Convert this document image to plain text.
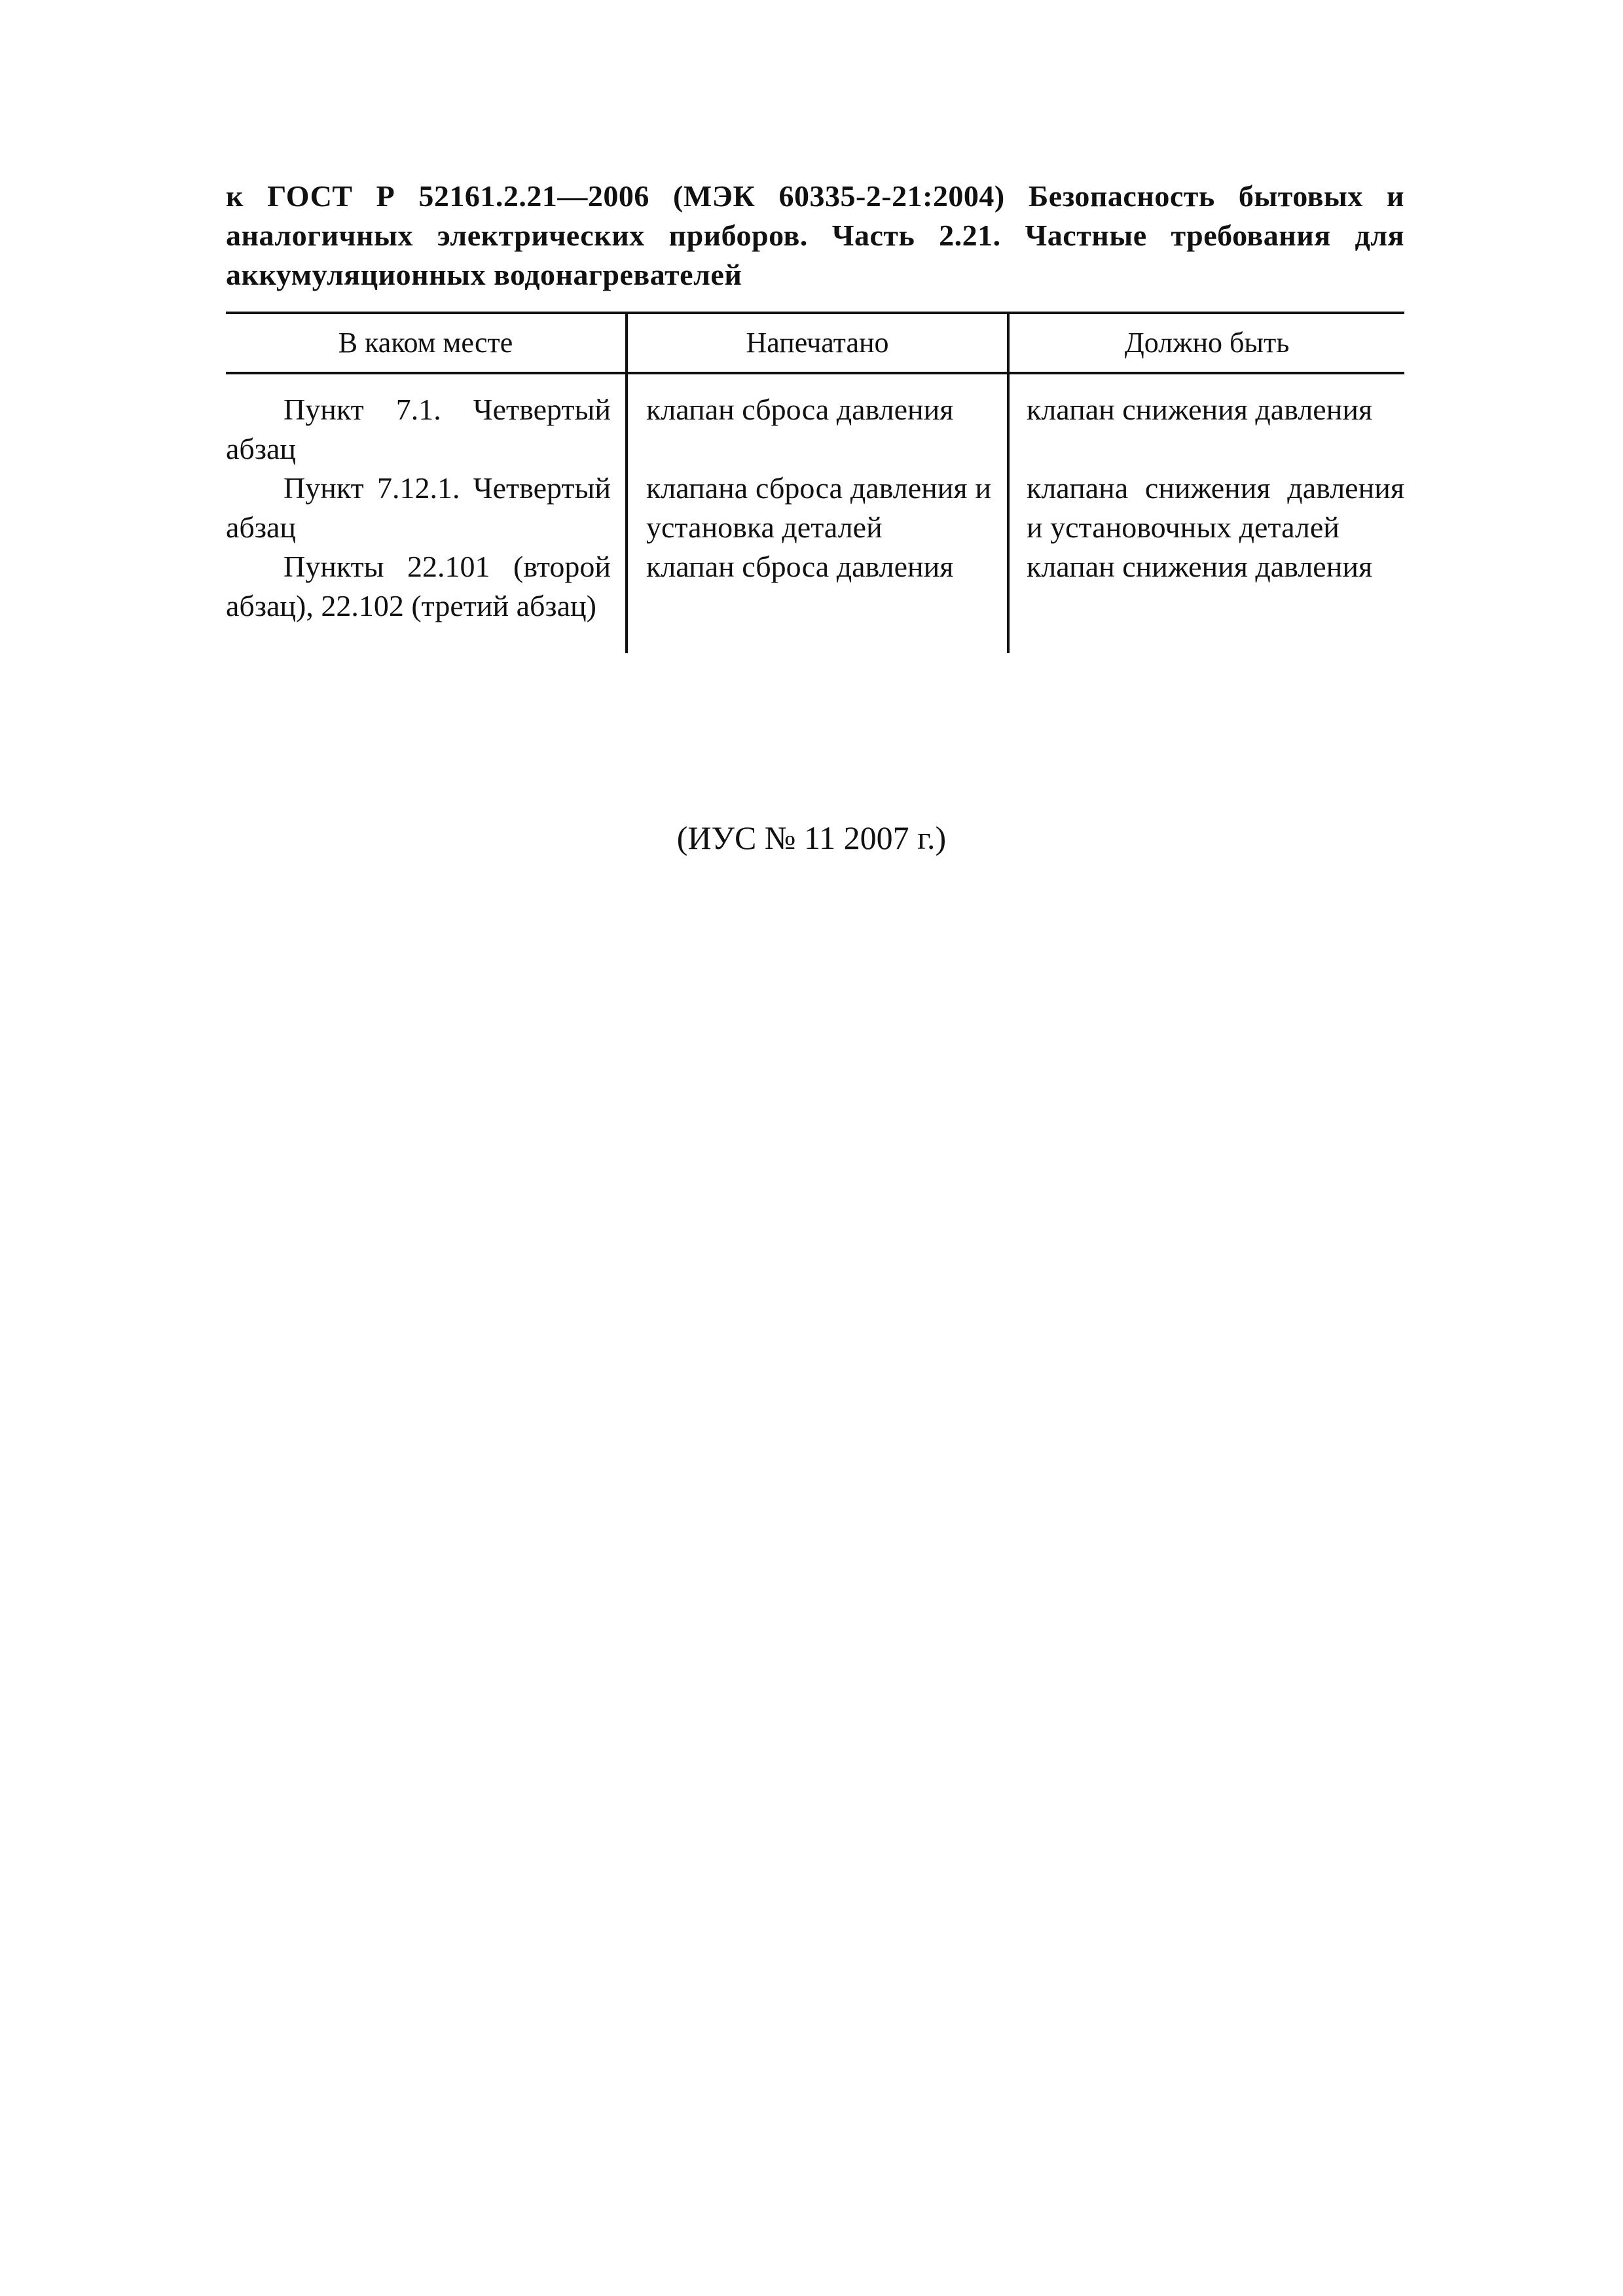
к ГОСТ Р 52161.2.21—2006 (МЭК 60335-2-21:2004) Безопасность бытовых и аналогичных электрических приборов. Часть 2.21. Частные требования для аккумуляционных водонагревателей

В каком месте	Напечатано	Должно быть
Пункт 7.1. Четвертый абзац	клапан сброса давления	клапан снижения давления
Пункт 7.12.1. Четвертый абзац	клапана сброса давления и установка деталей	клапана снижения давления и установочных деталей
Пункты 22.101 (второй абзац), 22.102 (третий абзац)	клапан сброса давления	клапан снижения давления

(ИУС № 11 2007 г.)
